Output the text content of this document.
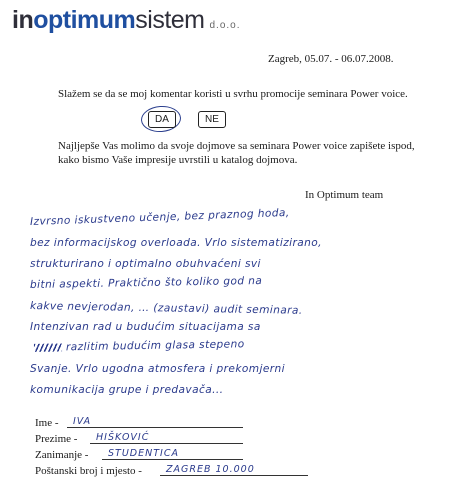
inoptimumsistem d.o.o.
Zagreb, 05.07. - 06.07.2008.
Slažem se da se moj komentar koristi u svrhu promocije seminara Power voice.
DA	NE
Najljepše Vas molimo da svoje dojmove sa seminara Power voice zapišete ispod,
kako bismo Vaše impresije uvrstili u katalog dojmova.
In Optimum team
Izvrsno iskustveno učenje, bez praznog hoda,
bez informacijskog overloada. Vrlo sistematizirano,
strukturirano i optimalno obuhvaćeni svi
bitni aspekti. Praktično što koliko god na
kakve nevjerodan, … (zaustavi) audit seminara.
Intenzivan rad u budućim situacijama sa
razlitim budućim glasa stepeno
Svanje. Vrlo ugodna atmosfera i prekomjerni
komunikacija grupe i predavača...
Ime -	IVA
Prezime -	HIŠKOVIĆ
Zanimanje -	STUDENTICA
Poštanski broj i mjesto -	ZAGREB 10.000
